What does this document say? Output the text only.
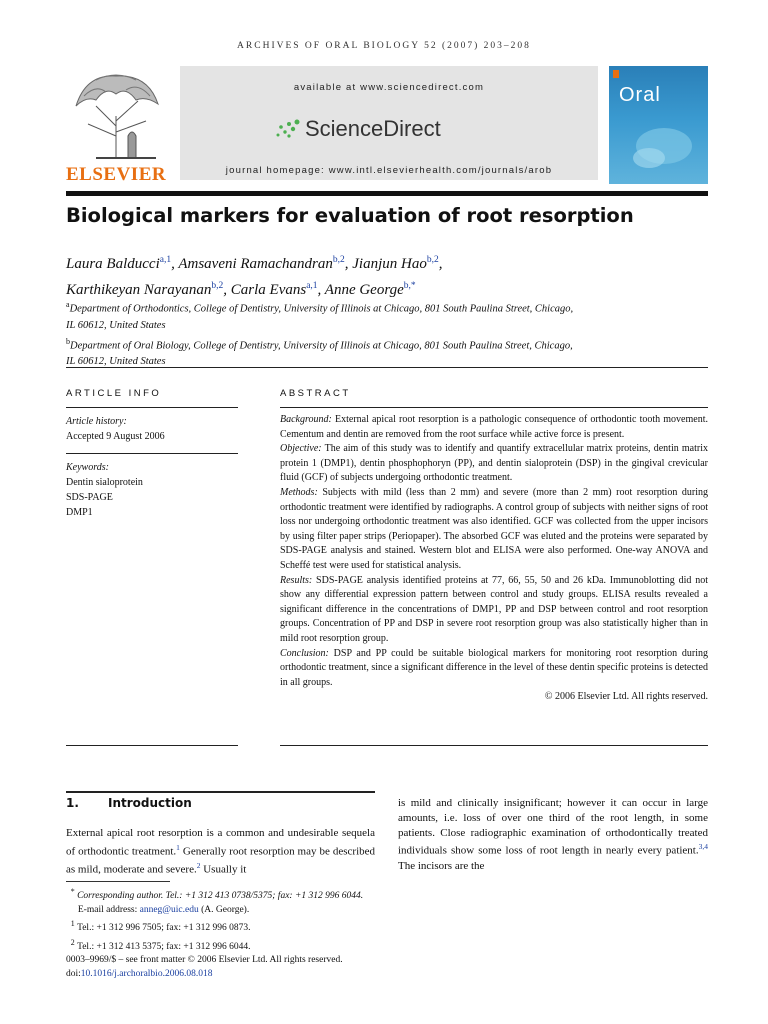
ARCHIVES OF ORAL BIOLOGY 52 (2007) 203–208
ELSEVIER
available at www.sciencedirect.com
ScienceDirect
journal homepage: www.intl.elsevierhealth.com/journals/arob
Oral
Biological markers for evaluation of root resorption
Laura Balducci$^{a,1}$, Amsaveni Ramachandran$^{b,2}$, Jianjun Hao$^{b,2}$,
Karthikeyan Narayanan$^{b,2}$, Carla Evans$^{a,1}$, Anne George$^{b,*}$
$^a$Department of Orthodontics, College of Dentistry, University of Illinois at Chicago, 801 South Paulina Street, Chicago,
IL 60612, United States
$^b$Department of Oral Biology, College of Dentistry, University of Illinois at Chicago, 801 South Paulina Street, Chicago,
IL 60612, United States
ARTICLE INFO
Article history:
Accepted 9 August 2006
Keywords:
Dentin sialoprotein
SDS-PAGE
DMP1
ABSTRACT
Background: External apical root resorption is a pathologic consequence of orthodontic tooth movement. Cementum and dentin are removed from the root surface while active force is present.
Objective: The aim of this study was to identify and quantify extracellular matrix proteins, dentin matrix protein 1 (DMP1), dentin phosphophoryn (PP), and dentin sialoprotein (DSP) in the gingival crevicular fluid (GCF) of subjects undergoing orthodontic treatment.
Methods: Subjects with mild (less than 2 mm) and severe (more than 2 mm) root resorption during orthodontic treatment were identified by radiographs. A control group of subjects with neither signs of root loss nor undergoing orthodontic treatment was also identified. GCF was collected from the upper incisors by using filter paper strips (Periopaper). The absorbed GCF was eluted and the proteins were separated by SDS-PAGE analysis and stained. Western blot and ELISA were also performed. One-way ANOVA and Scheffé test were used for statistical analysis.
Results: SDS-PAGE analysis identified proteins at 77, 66, 55, 50 and 26 kDa. Immunoblotting did not show any differential expression pattern between control and study groups. ELISA results revealed a significant difference in the concentrations of DMP1, PP and DSP between control and root resorption groups. Concentration of PP and DSP in severe root resorption group was also statistically higher than in mild root resorption group.
Conclusion: DSP and PP could be suitable biological markers for monitoring root resorption during orthodontic treatment, since a significant difference in the level of these dentin specific proteins is detected in all groups.
© 2006 Elsevier Ltd. All rights reserved.
1. Introduction
External apical root resorption is a common and undesirable sequela of orthodontic treatment.$^1$ Generally root resorption may be described as mild, moderate and severe.$^2$ Usually it
is mild and clinically insignificant; however it can occur in large amounts, i.e. loss of over one third of the root length, in some patients. Close radiographic examination of orthodontically treated individuals show some loss of root length in nearly every patient.$^{3,4}$ The incisors are the
* Corresponding author. Tel.: +1 312 413 0738/5375; fax: +1 312 996 6044.
E-mail address: anneg@uic.edu (A. George).
$^1$ Tel.: +1 312 996 7505; fax: +1 312 996 0873.
$^2$ Tel.: +1 312 413 5375; fax: +1 312 996 6044.
0003–9969/$ – see front matter © 2006 Elsevier Ltd. All rights reserved.
doi:10.1016/j.archoralbio.2006.08.018
